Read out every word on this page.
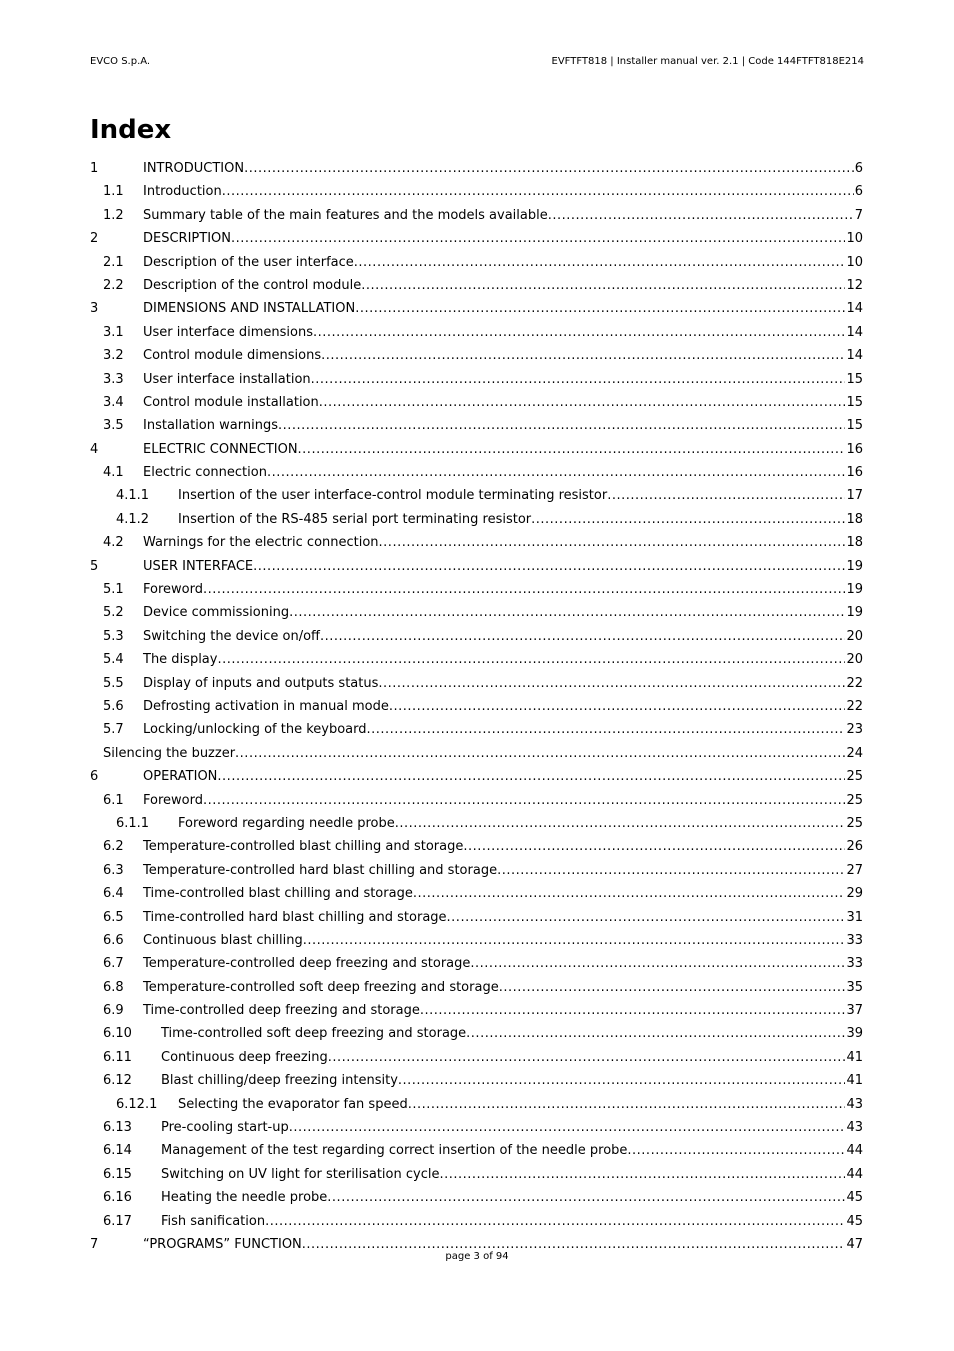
EVCO S.p.A.	EVFTFT818 | Installer manual ver. 2.1 | Code 144FTFT818E214
Index
1	INTRODUCTION .....	6
1.1	Introduction .....	6
1.2	Summary table of the main features and the models available .....	7
2	DESCRIPTION .....	10
2.1	Description of the user interface .....	10
2.2	Description of the control module .....	12
3	DIMENSIONS AND INSTALLATION .....	14
3.1	User interface dimensions .....	14
3.2	Control module dimensions .....	14
3.3	User interface installation .....	15
3.4	Control module installation .....	15
3.5	Installation warnings .....	15
4	ELECTRIC CONNECTION .....	16
4.1	Electric connection .....	16
4.1.1	Insertion of the user interface-control module terminating resistor .....	17
4.1.2	Insertion of the RS-485 serial port terminating resistor .....	18
4.2	Warnings for the electric connection .....	18
5	USER INTERFACE .....	19
5.1	Foreword .....	19
5.2	Device commissioning .....	19
5.3	Switching the device on/off .....	20
5.4	The display .....	20
5.5	Display of inputs and outputs status .....	22
5.6	Defrosting activation in manual mode .....	22
5.7	Locking/unlocking of the keyboard .....	23
Silencing the buzzer .....	24
6	OPERATION .....	25
6.1	Foreword .....	25
6.1.1	Foreword regarding needle probe .....	25
6.2	Temperature-controlled blast chilling and storage .....	26
6.3	Temperature-controlled hard blast chilling and storage .....	27
6.4	Time-controlled blast chilling and storage .....	29
6.5	Time-controlled hard blast chilling and storage .....	31
6.6	Continuous blast chilling .....	33
6.7	Temperature-controlled deep freezing and storage .....	33
6.8	Temperature-controlled soft deep freezing and storage .....	35
6.9	Time-controlled deep freezing and storage .....	37
6.10	Time-controlled soft deep freezing and storage .....	39
6.11	Continuous deep freezing .....	41
6.12	Blast chilling/deep freezing intensity .....	41
6.12.1	Selecting the evaporator fan speed .....	43
6.13	Pre-cooling start-up .....	43
6.14	Management of the test regarding correct insertion of the needle probe .....	44
6.15	Switching on UV light for sterilisation cycle .....	44
6.16	Heating the needle probe .....	45
6.17	Fish sanification .....	45
7	“PROGRAMS” FUNCTION .....	47
page 3 of 94
